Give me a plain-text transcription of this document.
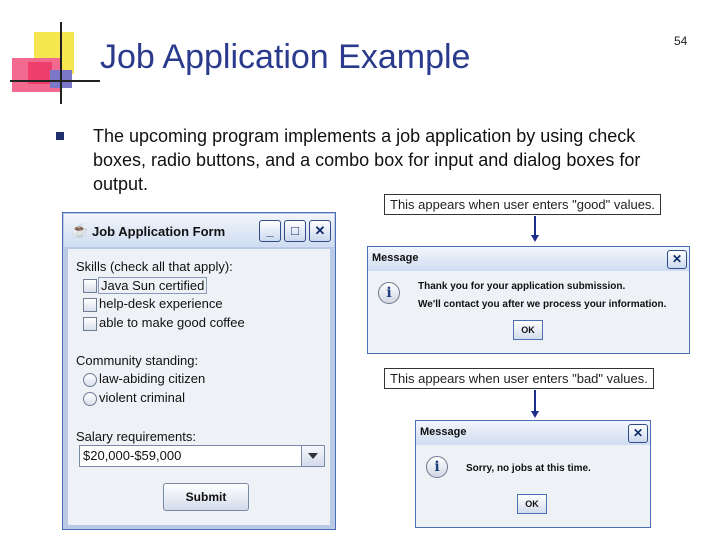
Job Application Example	54
The upcoming program implements a job application by using check boxes, radio buttons, and a combo box for input and dialog boxes for output.
This appears when user enters "good" values.
This appears when user enters "bad" values.
☕ Job Application Form	_	□	✕
Skills (check all that apply):
Java Sun certified
help-desk experience
able to make good coffee
Community standing:
law-abiding citizen
violent criminal
Salary requirements:
$20,000-$59,000
Submit
Message	✕
i	Thank you for your application submission.
We'll contact you after we process your information.
OK
Message	✕
i	Sorry, no jobs at this time.
OK
